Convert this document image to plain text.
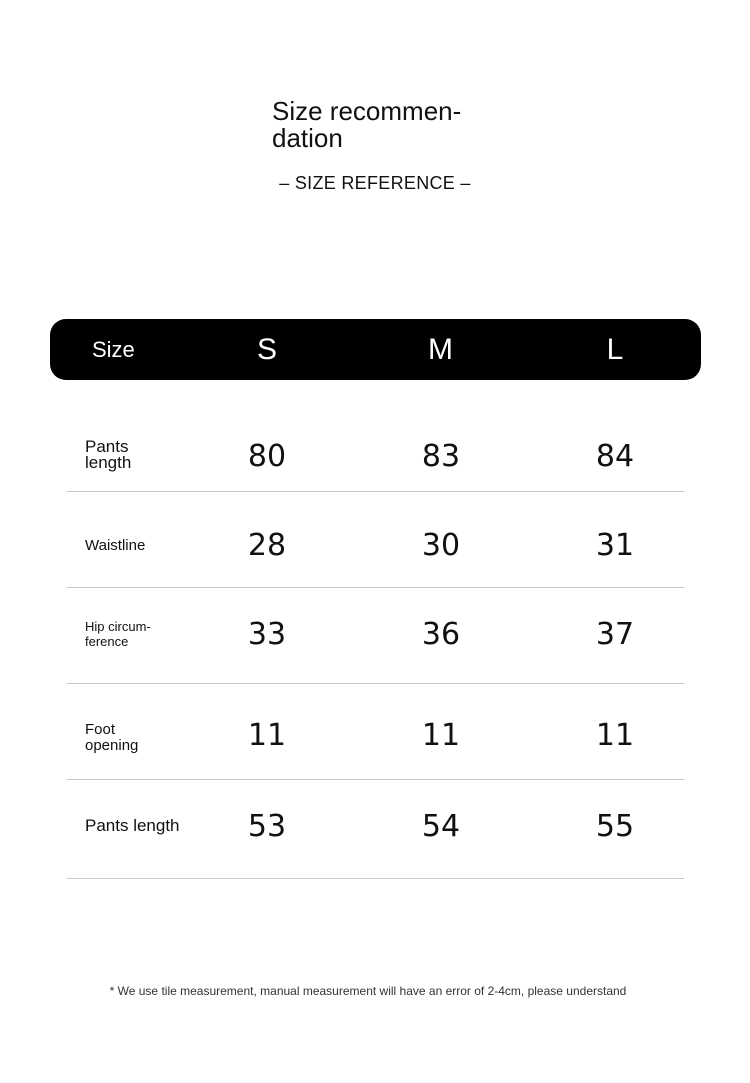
Size recommen-
dation
– SIZE REFERENCE –
Size	S	M	L
Pants
length	80	83	84
Waistline	28	30	31
Hip circum-
ference	33	36	37
Foot
opening	11	11	11
Pants length	53	54	55
* We use tile measurement, manual measurement will have an error of 2-4cm, please understand
